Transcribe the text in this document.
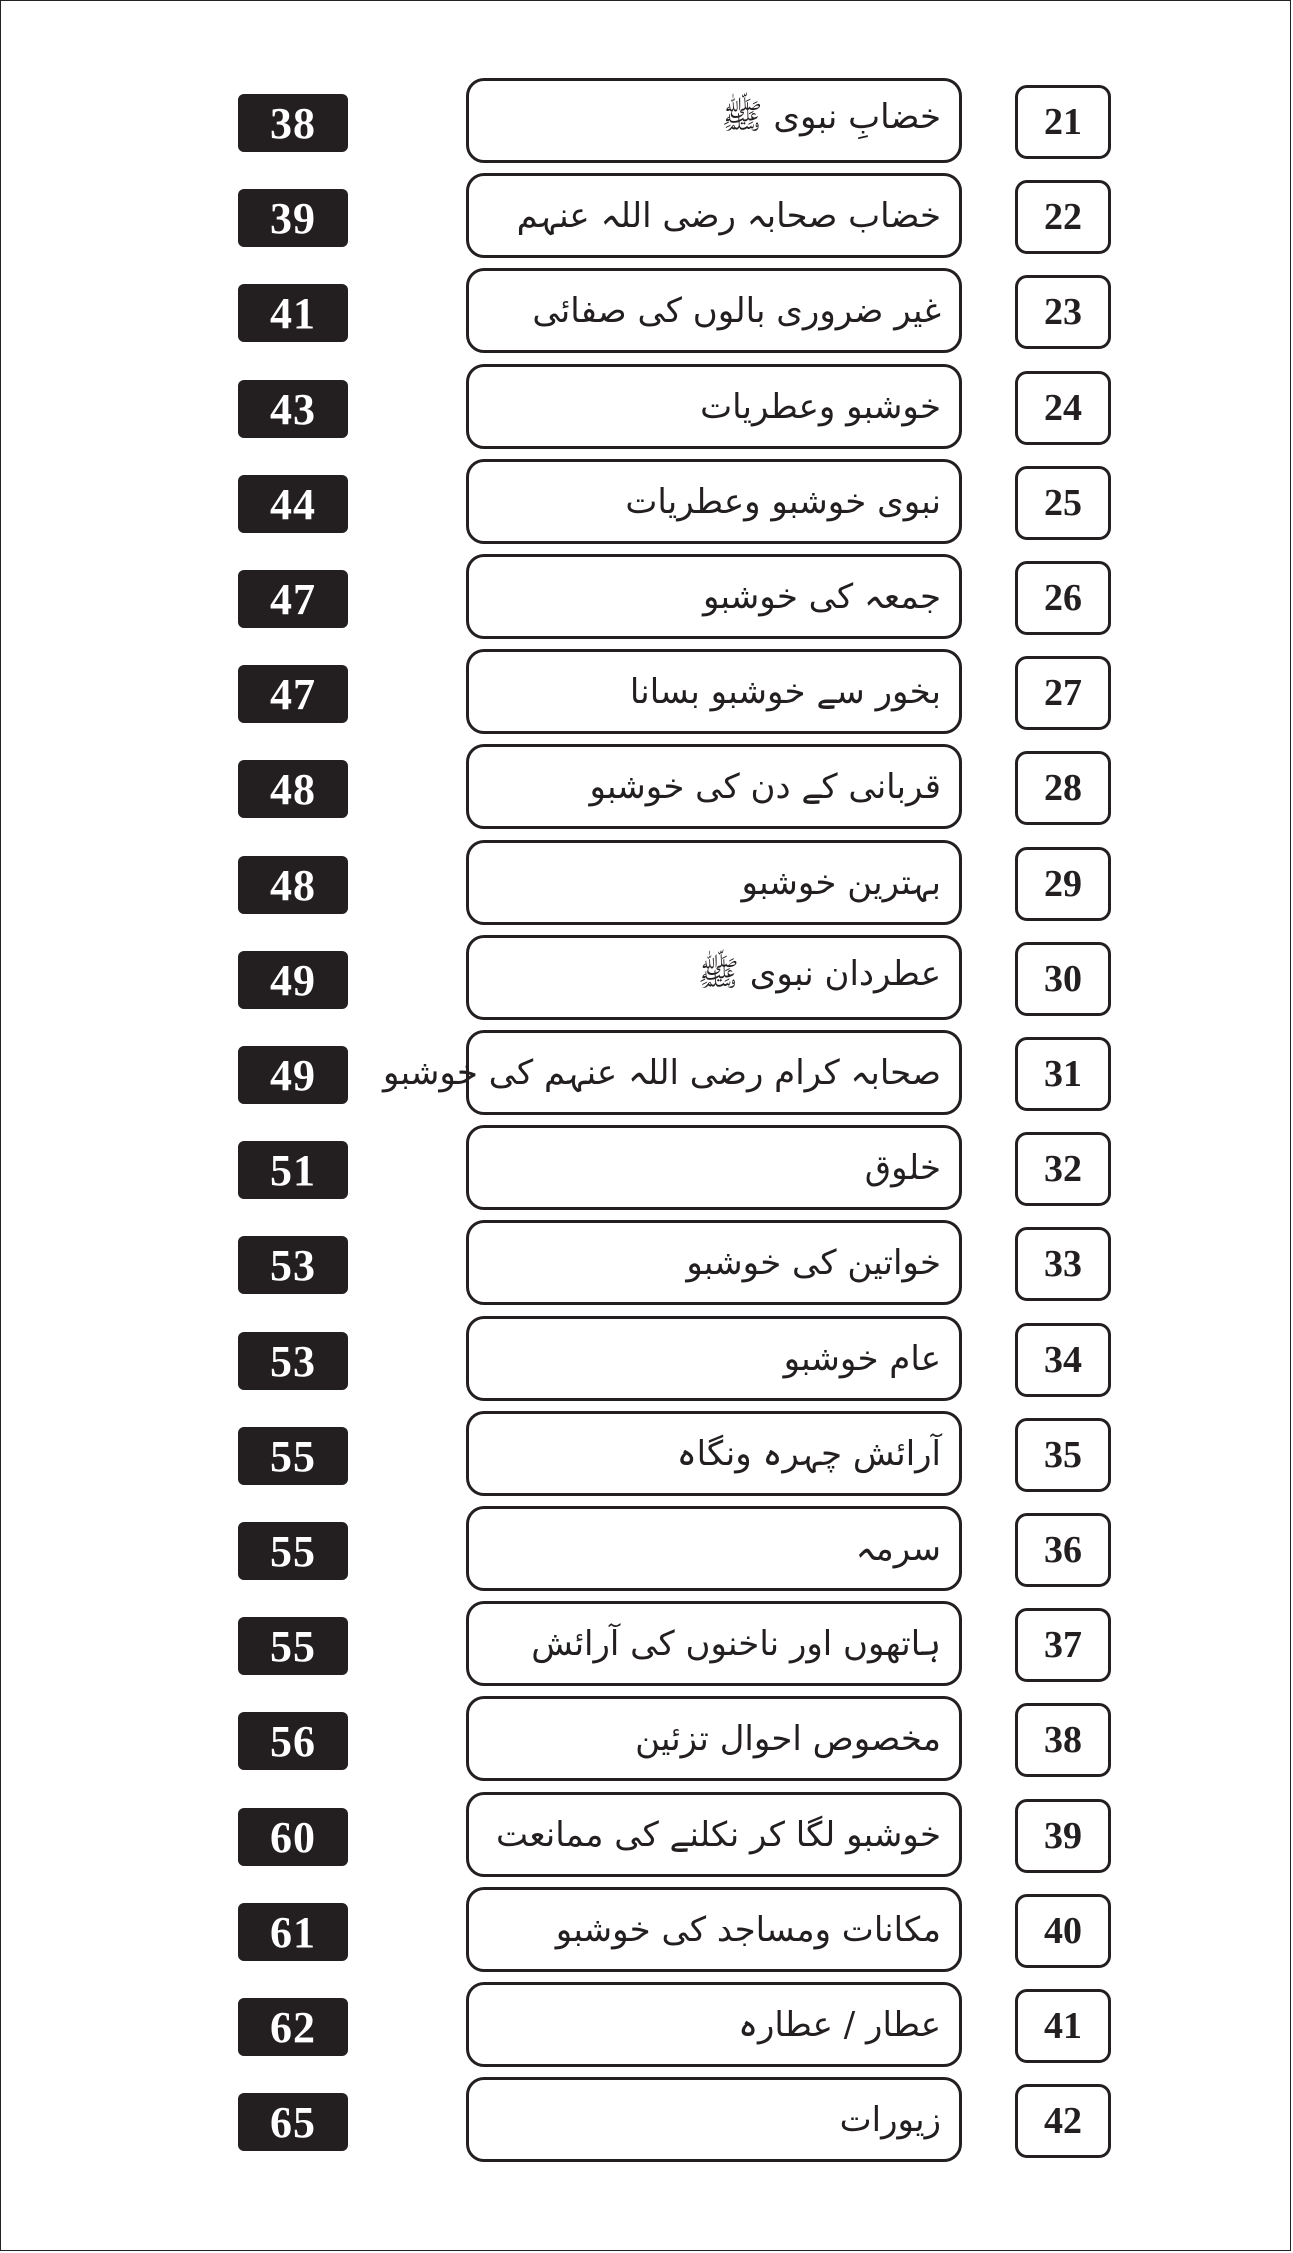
38	خضابِ نبوی ﷺ	21
39	خضاب صحابہ رضی اللہ عنہم	22
41	غیر ضروری بالوں کی صفائی	23
43	خوشبو وعطریات	24
44	نبوی خوشبو وعطریات	25
47	جمعہ کی خوشبو	26
47	بخور سے خوشبو بسانا	27
48	قربانی کے دن کی خوشبو	28
48	بہترین خوشبو	29
49	عطردان نبوی ﷺ	30
49	صحابہ کرام رضی اللہ عنہم کی خوشبو	31
51	خلوق	32
53	خواتین کی خوشبو	33
53	عام خوشبو	34
55	آرائش چہرہ ونگاہ	35
55	سرمہ	36
55	ہاتھوں اور ناخنوں کی آرائش	37
56	مخصوص احوال تزئین	38
60	خوشبو لگا کر نکلنے کی ممانعت	39
61	مکانات ومساجد کی خوشبو	40
62	عطار / عطارہ	41
65	زیورات	42
